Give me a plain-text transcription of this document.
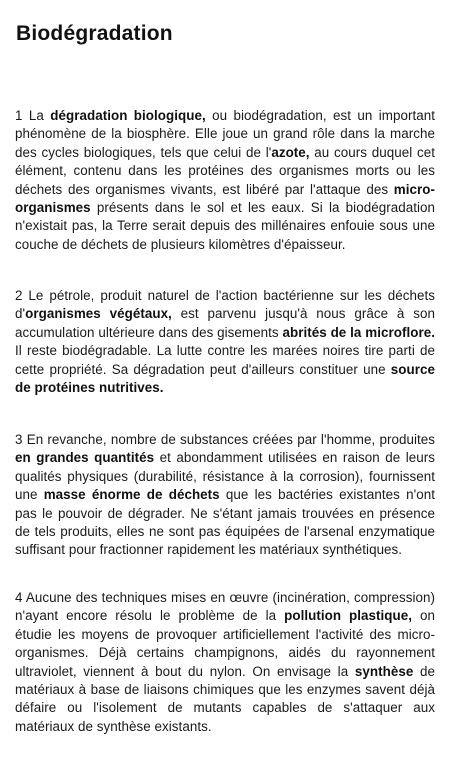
Biodégradation
1 La dégradation biologique, ou biodégradation, est un important phénomène de la biosphère. Elle joue un grand rôle dans la marche des cycles biologiques, tels que celui de l'azote, au cours duquel cet élément, contenu dans les protéines des organismes morts ou les déchets des organismes vivants, est libéré par l'attaque des micro-organismes présents dans le sol et les eaux. Si la biodégradation n'existait pas, la Terre serait depuis des millénaires enfouie sous une couche de déchets de plusieurs kilomètres d'épaisseur.
2 Le pétrole, produit naturel de l'action bactérienne sur les déchets d'organismes végétaux, est parvenu jusqu'à nous grâce à son accumulation ultérieure dans des gisements abrités de la microflore. Il reste biodégradable. La lutte contre les marées noires tire parti de cette propriété. Sa dégradation peut d'ailleurs constituer une source de protéines nutritives.
3 En revanche, nombre de substances créées par l'homme, produites en grandes quantités et abondamment utilisées en raison de leurs qualités physiques (durabilité, résistance à la corrosion), fournissent une masse énorme de déchets que les bactéries existantes n'ont pas le pouvoir de dégrader. Ne s'étant jamais trouvées en présence de tels produits, elles ne sont pas équipées de l'arsenal enzymatique suffisant pour fractionner rapidement les matériaux synthétiques.
4 Aucune des techniques mises en œuvre (incinération, compression) n'ayant encore résolu le problème de la pollution plastique, on étudie les moyens de provoquer artificiellement l'activité des micro-organismes. Déjà certains champignons, aidés du rayonnement ultraviolet, viennent à bout du nylon. On envisage la synthèse de matériaux à base de liaisons chimiques que les enzymes savent déjà défaire ou l'isolement de mutants capables de s'attaquer aux matériaux de synthèse existants.
